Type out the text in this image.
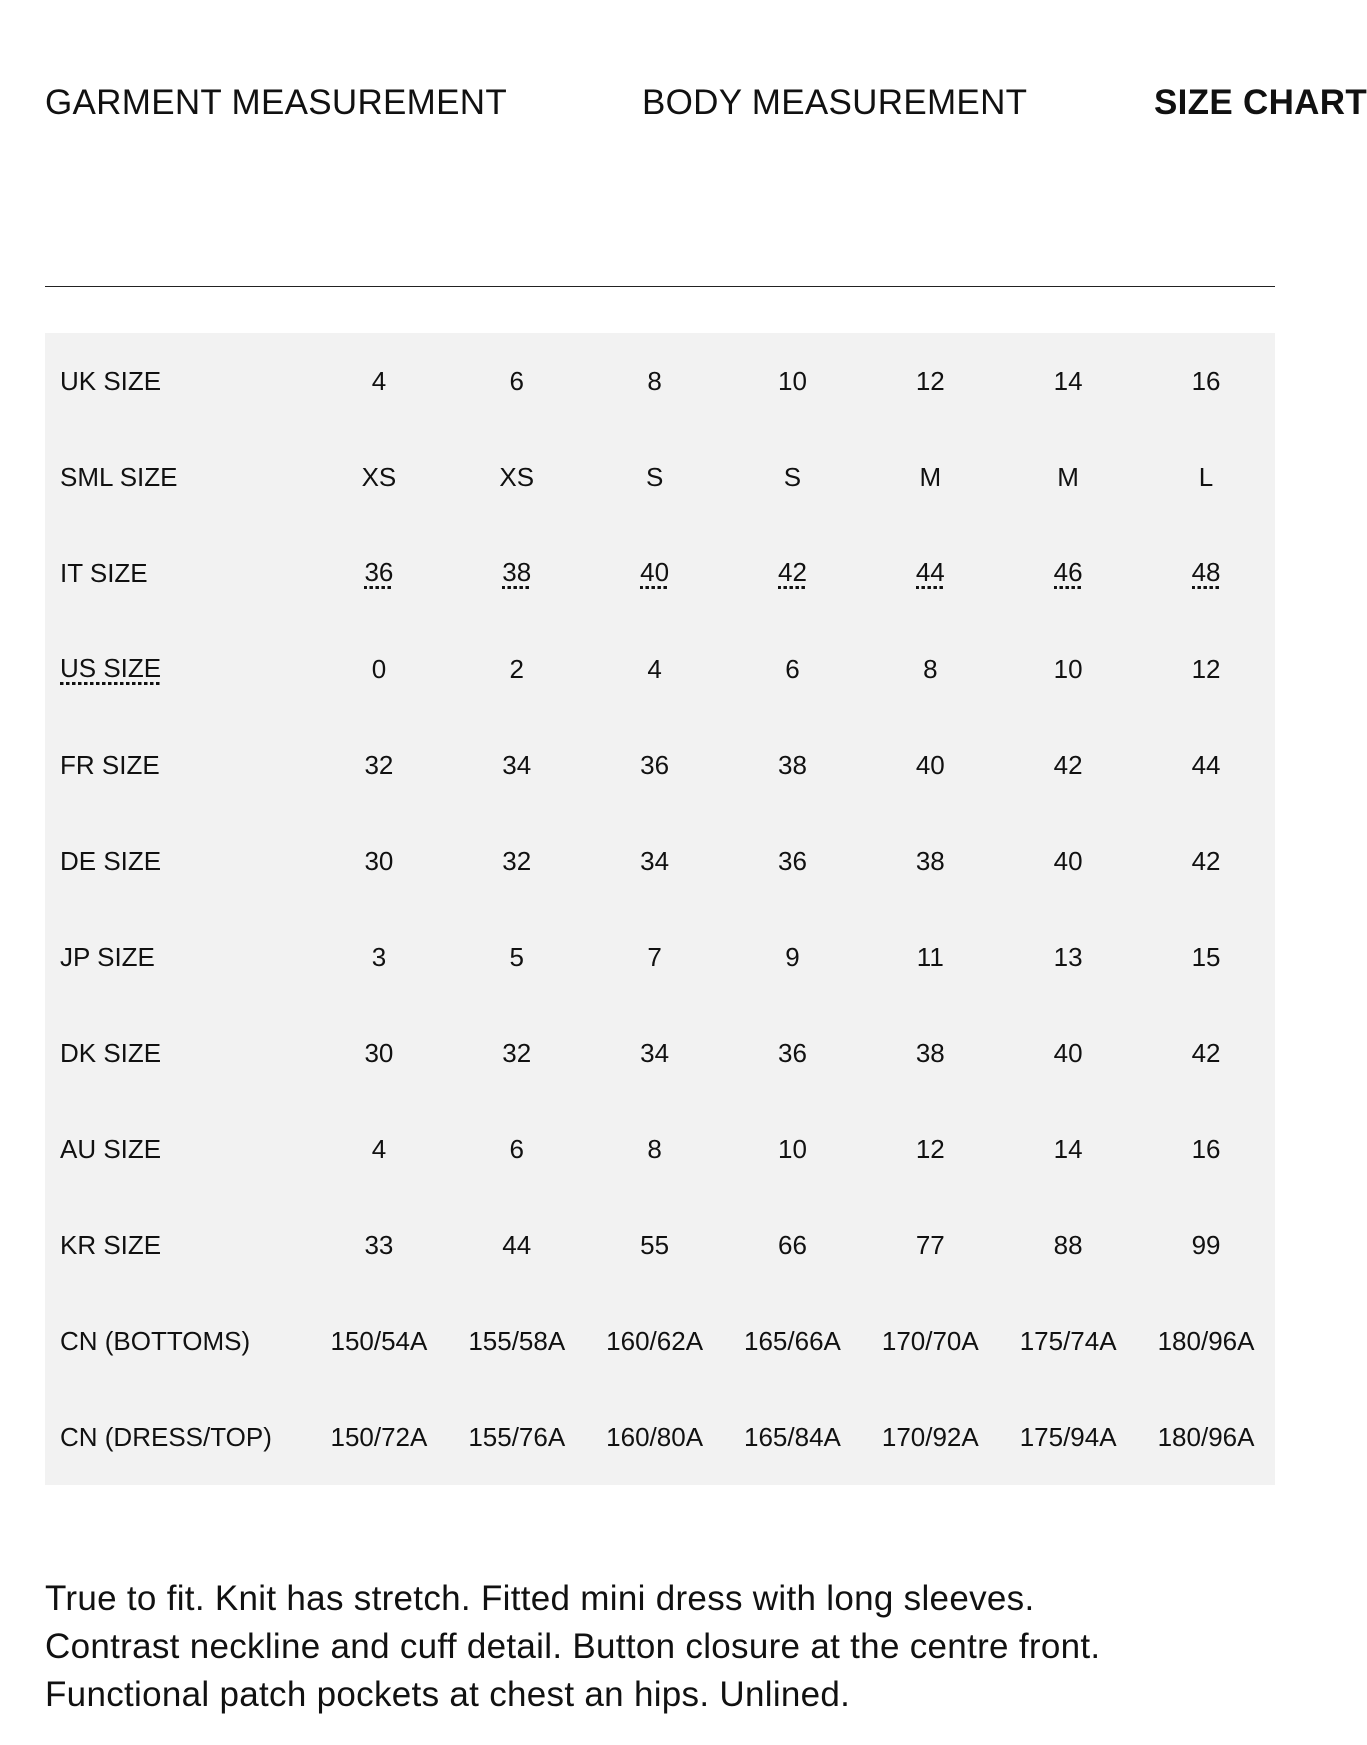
GARMENT MEASUREMENT	BODY MEASUREMENT	SIZE CHART
UK SIZE	4	6	8	10	12	14	16
SML SIZE	XS	XS	S	S	M	M	L
IT SIZE	36	38	40	42	44	46	48
US SIZE	0	2	4	6	8	10	12
FR SIZE	32	34	36	38	40	42	44
DE SIZE	30	32	34	36	38	40	42
JP SIZE	3	5	7	9	11	13	15
DK SIZE	30	32	34	36	38	40	42
AU SIZE	4	6	8	10	12	14	16
KR SIZE	33	44	55	66	77	88	99
CN (BOTTOMS)	150/54A	155/58A	160/62A	165/66A	170/70A	175/74A	180/96A
CN (DRESS/TOP)	150/72A	155/76A	160/80A	165/84A	170/92A	175/94A	180/96A

True to fit. Knit has stretch. Fitted mini dress with long sleeves. Contrast neckline and cuff detail. Button closure at the centre front. Functional patch pockets at chest an hips. Unlined.
